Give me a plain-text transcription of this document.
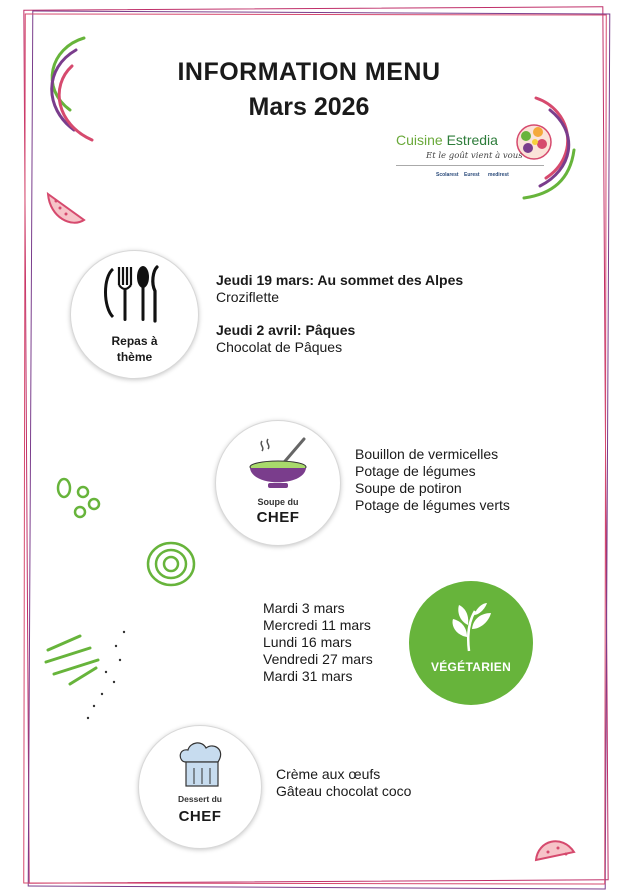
INFORMATION MENU
Mars 2026
Cuisine Estredia
Et le goût vient à vous
Scolarest Eurest medirest
Repas à thème
Jeudi 19 mars: Au sommet des Alpes
Croziflette
Jeudi 2 avril: Pâques
Chocolat de Pâques
Soupe du
CHEF
Bouillon de vermicelles
Potage de légumes
Soupe de potiron
Potage de légumes verts
Mardi 3 mars
Mercredi 11 mars
Lundi 16 mars
Vendredi 27 mars
Mardi 31 mars
VÉGÉTARIEN
Dessert du
CHEF
Crème aux œufs
Gâteau chocolat coco
